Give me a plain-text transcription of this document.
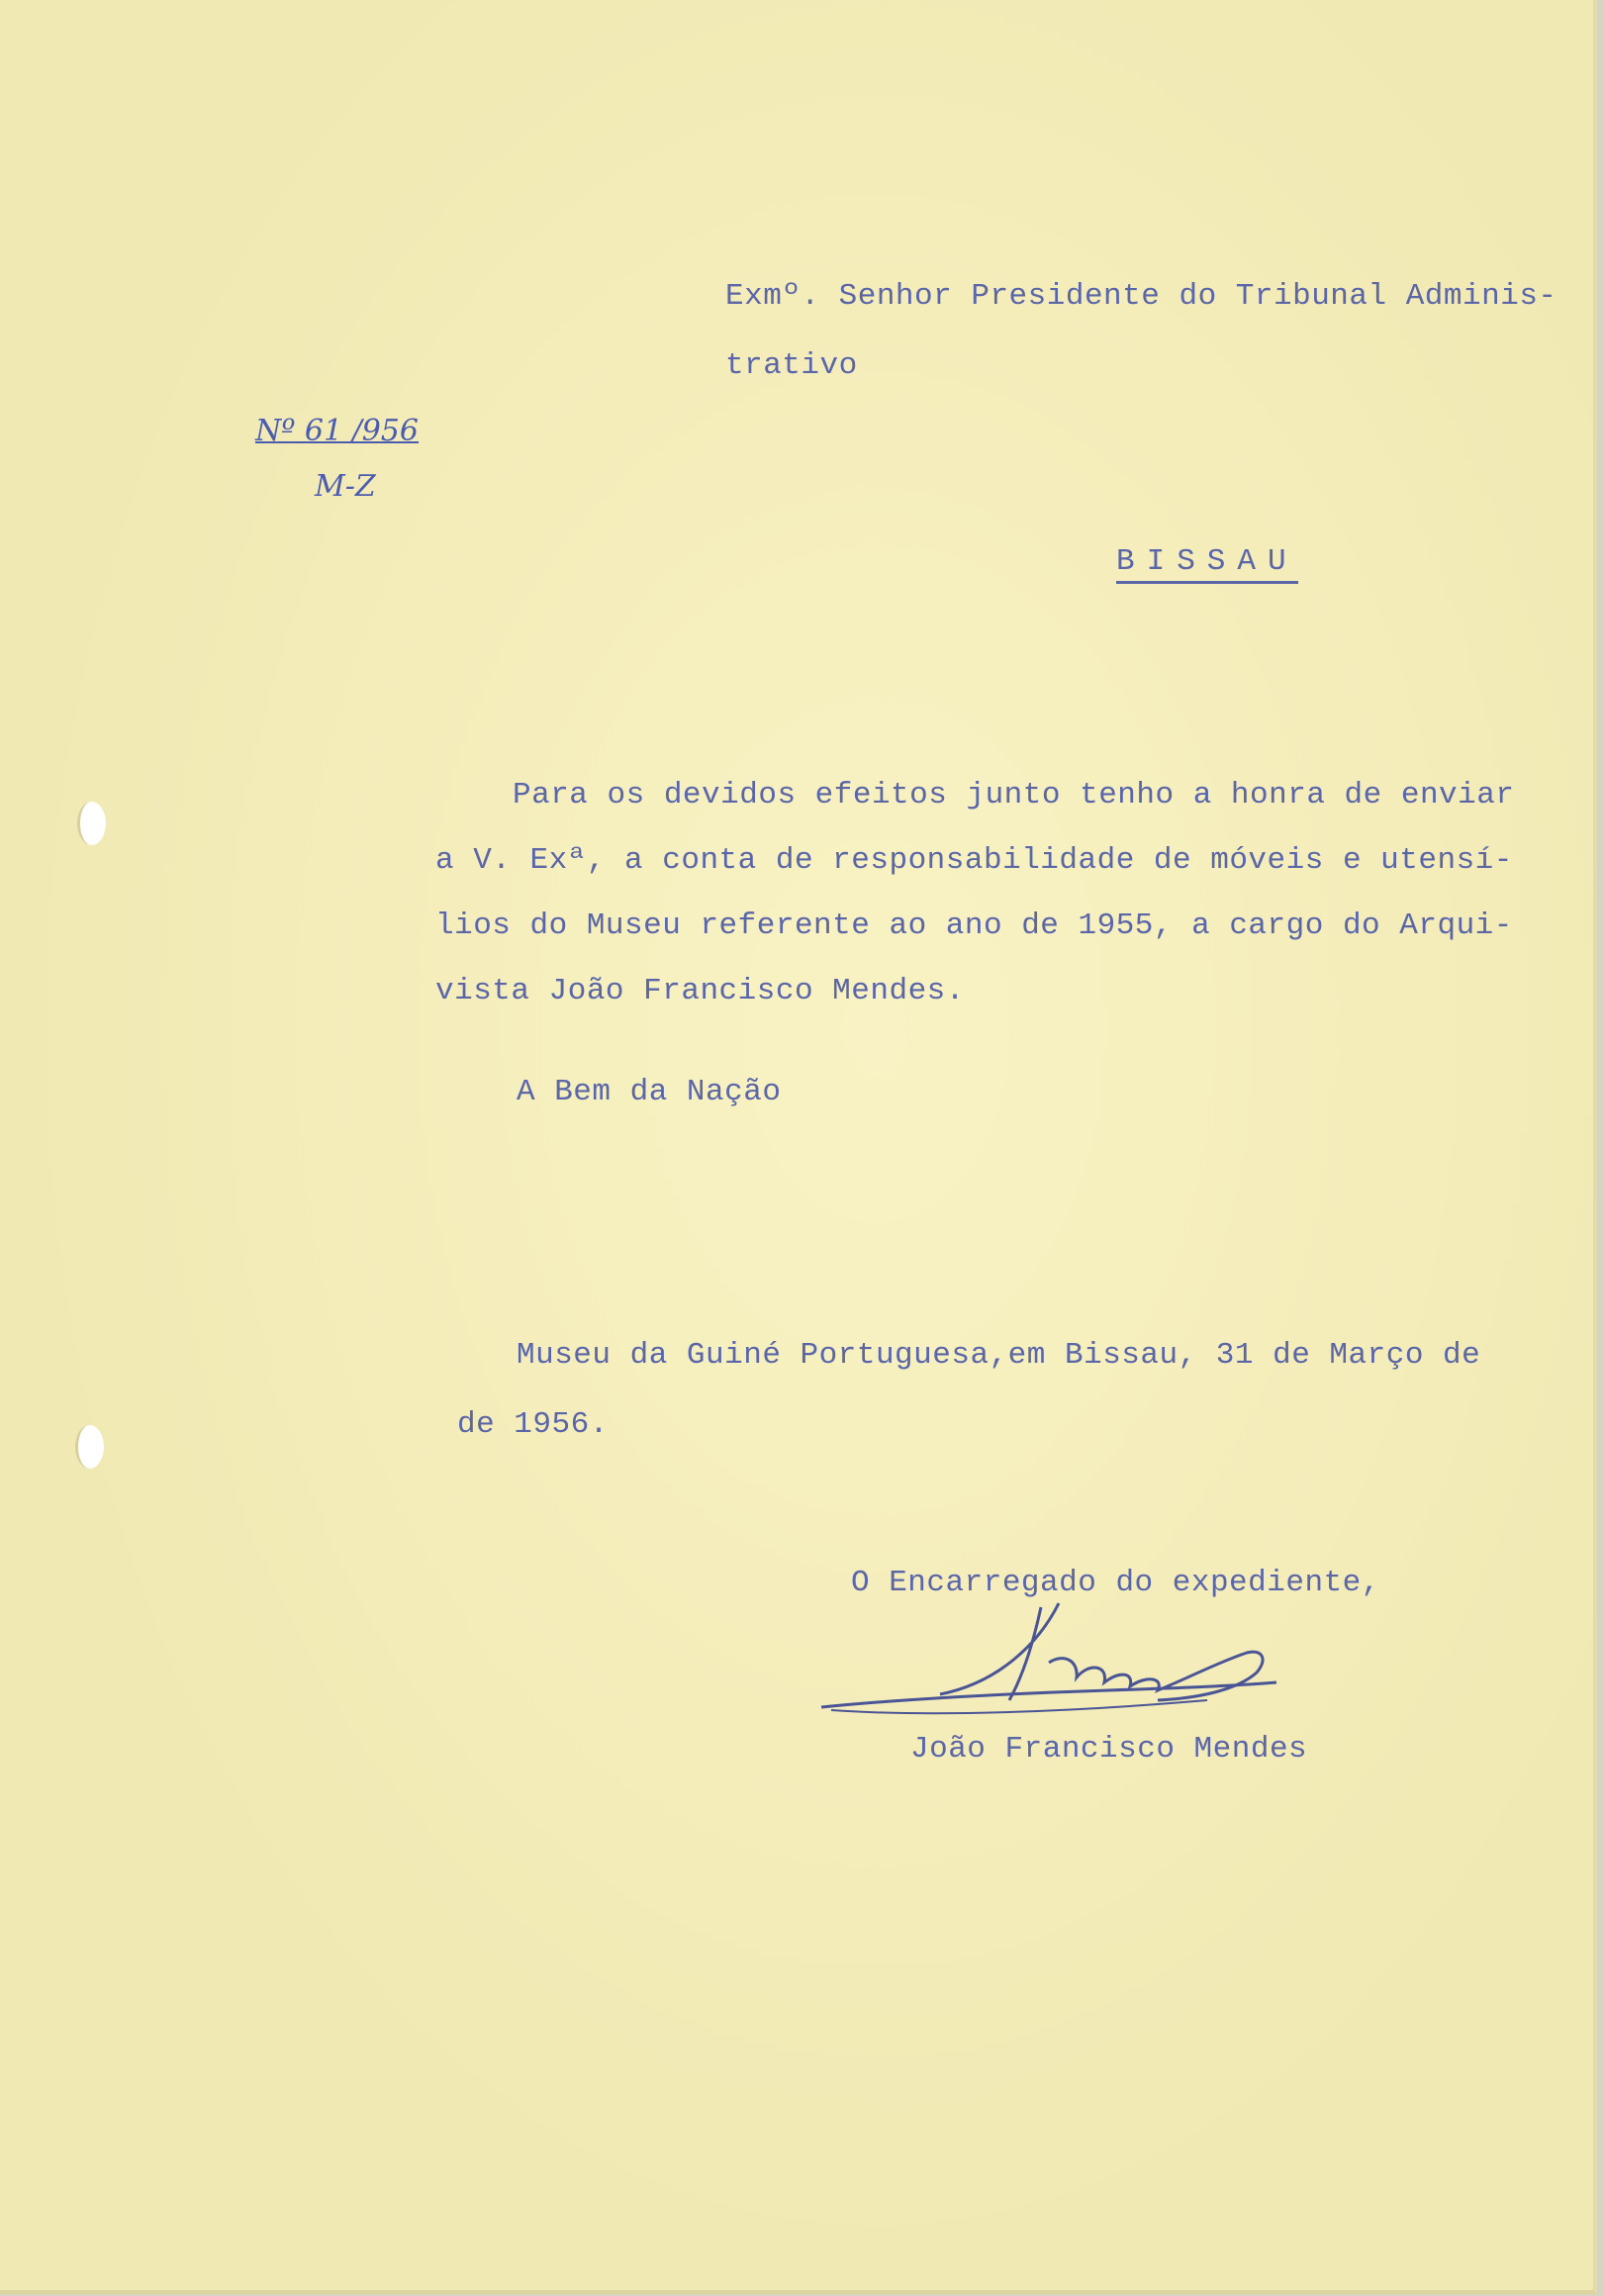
Exmº. Senhor Presidente do Tribunal Adminis-

trativo

Nº 61 /956

M-Z

BISSAU

Para os devidos efeitos junto tenho a honra de enviar

a V. Exª, a conta de responsabilidade de móveis e utensí-

lios do Museu referente ao ano de 1955, a cargo do Arqui-

vista João Francisco Mendes.

A Bem da Nação

Museu da Guiné Portuguesa,em Bissau, 31 de Março de

de 1956.

O Encarregado do expediente,

João Francisco Mendes
